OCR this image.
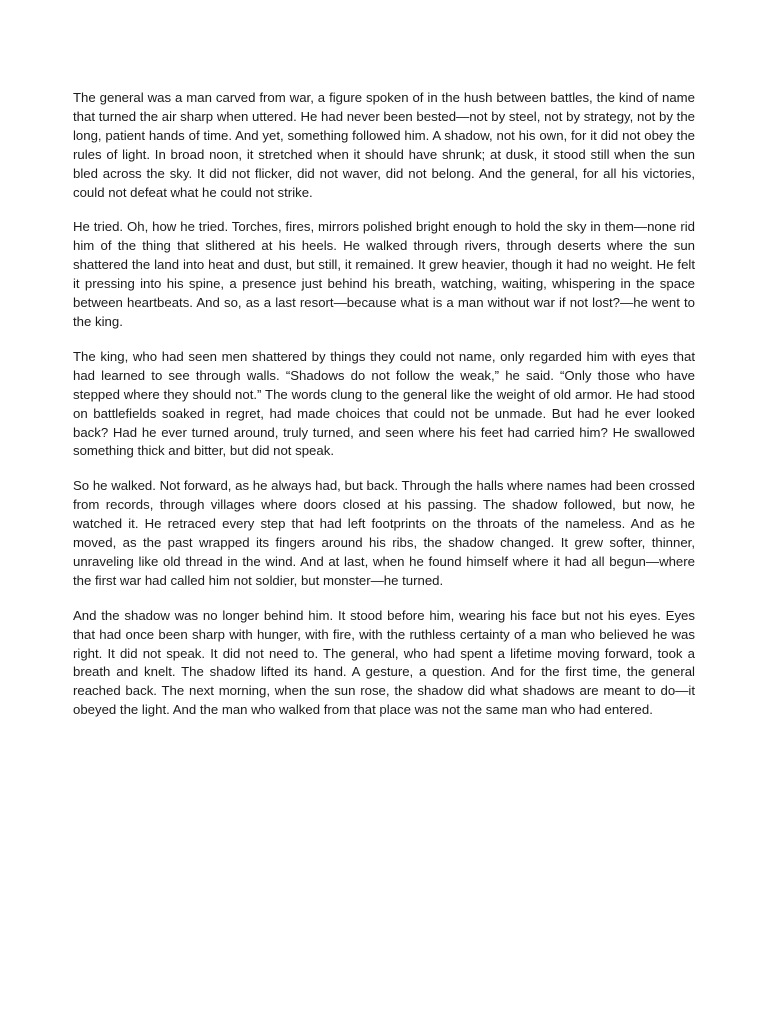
The general was a man carved from war, a figure spoken of in the hush between battles, the kind of name that turned the air sharp when uttered. He had never been bested—not by steel, not by strategy, not by the long, patient hands of time. And yet, something followed him. A shadow, not his own, for it did not obey the rules of light. In broad noon, it stretched when it should have shrunk; at dusk, it stood still when the sun bled across the sky. It did not flicker, did not waver, did not belong. And the general, for all his victories, could not defeat what he could not strike.

He tried. Oh, how he tried. Torches, fires, mirrors polished bright enough to hold the sky in them—none rid him of the thing that slithered at his heels. He walked through rivers, through deserts where the sun shattered the land into heat and dust, but still, it remained. It grew heavier, though it had no weight. He felt it pressing into his spine, a presence just behind his breath, watching, waiting, whispering in the space between heartbeats. And so, as a last resort—because what is a man without war if not lost?—he went to the king.

The king, who had seen men shattered by things they could not name, only regarded him with eyes that had learned to see through walls. “Shadows do not follow the weak,” he said. “Only those who have stepped where they should not.” The words clung to the general like the weight of old armor. He had stood on battlefields soaked in regret, had made choices that could not be unmade. But had he ever looked back? Had he ever turned around, truly turned, and seen where his feet had carried him? He swallowed something thick and bitter, but did not speak.

So he walked. Not forward, as he always had, but back. Through the halls where names had been crossed from records, through villages where doors closed at his passing. The shadow followed, but now, he watched it. He retraced every step that had left footprints on the throats of the nameless. And as he moved, as the past wrapped its fingers around his ribs, the shadow changed. It grew softer, thinner, unraveling like old thread in the wind. And at last, when he found himself where it had all begun—where the first war had called him not soldier, but monster—he turned.

And the shadow was no longer behind him. It stood before him, wearing his face but not his eyes. Eyes that had once been sharp with hunger, with fire, with the ruthless certainty of a man who believed he was right. It did not speak. It did not need to. The general, who had spent a lifetime moving forward, took a breath and knelt. The shadow lifted its hand. A gesture, a question. And for the first time, the general reached back. The next morning, when the sun rose, the shadow did what shadows are meant to do—it obeyed the light. And the man who walked from that place was not the same man who had entered.
